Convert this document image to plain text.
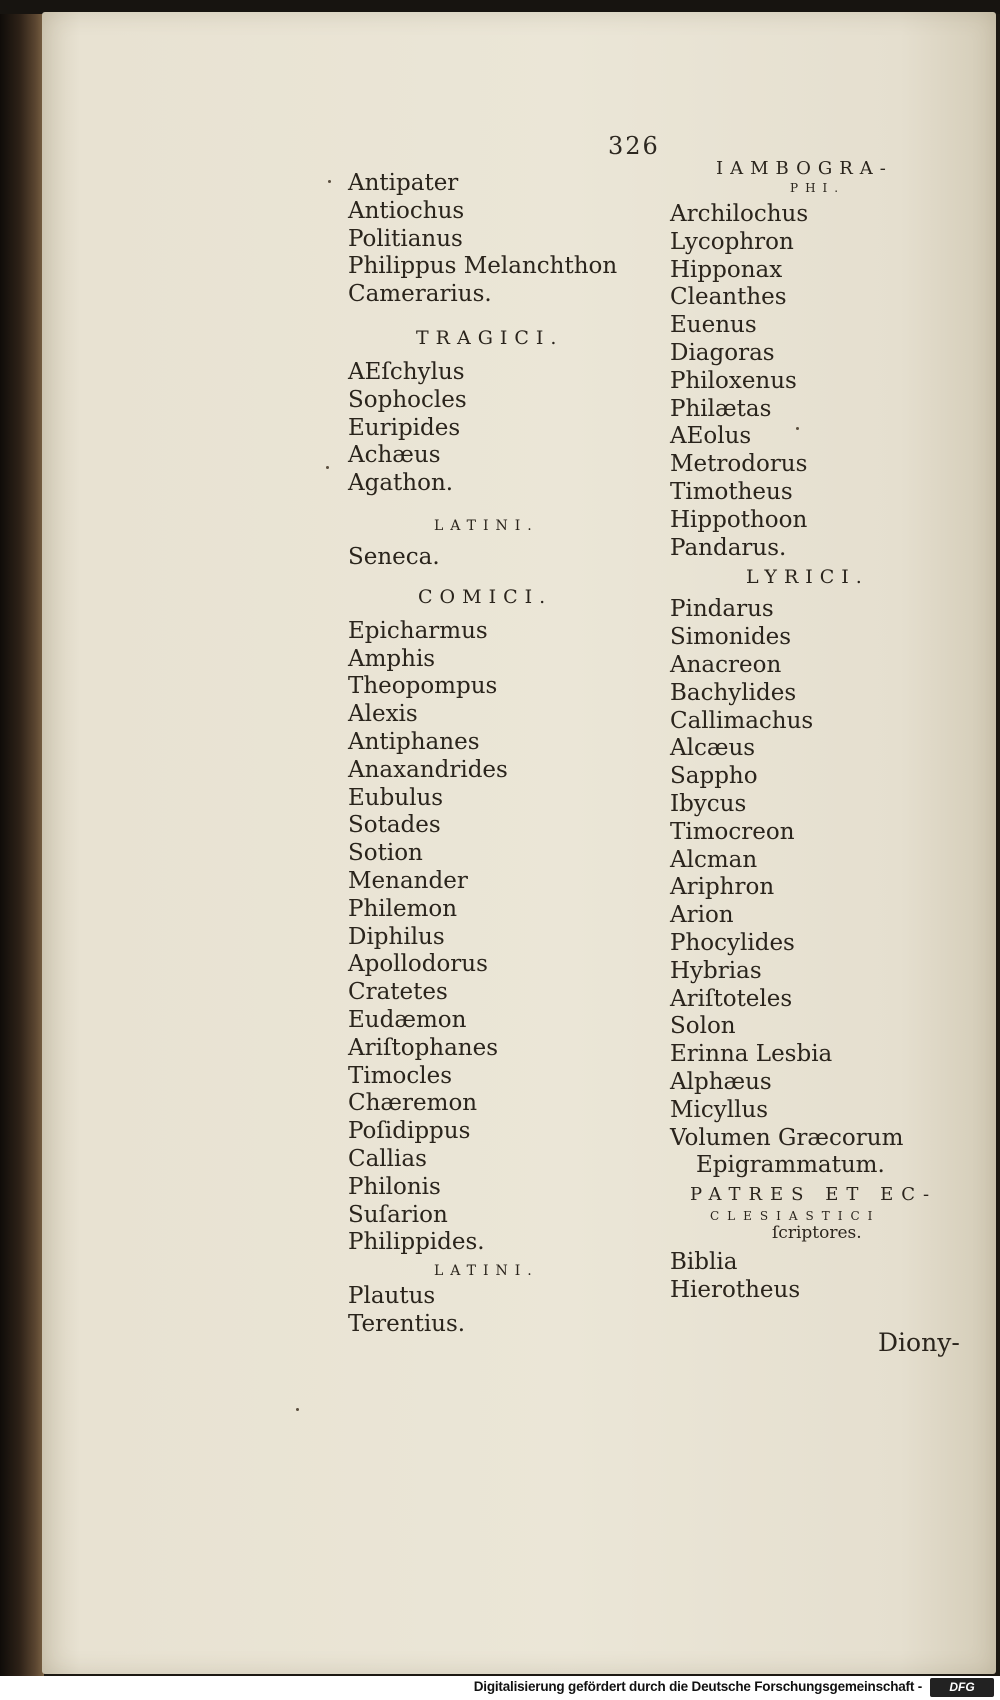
326
Antipater
Antiochus
Politianus
Philippus Melanchthon
Camerarius.
TRAGICI.
AEſchylus
Sophocles
Euripides
Achæus
Agathon.
LATINI.
Seneca.
COMICI.
Epicharmus
Amphis
Theopompus
Alexis
Antiphanes
Anaxandrides
Eubulus
Sotades
Sotion
Menander
Philemon
Diphilus
Apollodorus
Cratetes
Eudæmon
Ariſtophanes
Timocles
Chæremon
Poſidippus
Callias
Philonis
Suſarion
Philippides.
LATINI.
Plautus
Terentius.
IAMBOGRA-
PHI.
Archilochus
Lycophron
Hipponax
Cleanthes
Euenus
Diagoras
Philoxenus
Philætas
AEolus
Metrodorus
Timotheus
Hippothoon
Pandarus.
LYRICI.
Pindarus
Simonides
Anacreon
Bachylides
Callimachus
Alcæus
Sappho
Ibycus
Timocreon
Alcman
Ariphron
Arion
Phocylides
Hybrias
Ariſtoteles
Solon
Erinna Lesbia
Alphæus
Micyllus
Volumen Græcorum
Epigrammatum.
PATRES ET EC-
CLESIASTICI
ſcriptores.
Biblia
Hierotheus
Diony-
Digitalisierung gefördert durch die Deutsche Forschungsgemeinschaft -	DFG
